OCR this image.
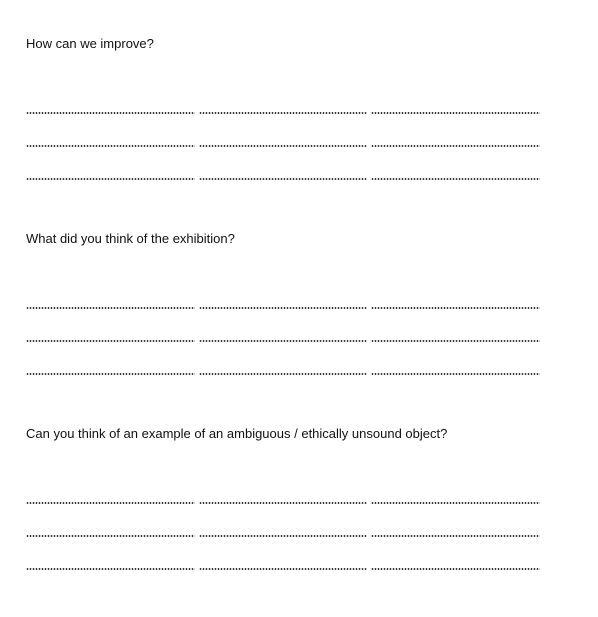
How can we improve?

What did you think of the exhibition?

Can you think of an example of an ambiguous / ethically unsound object?
